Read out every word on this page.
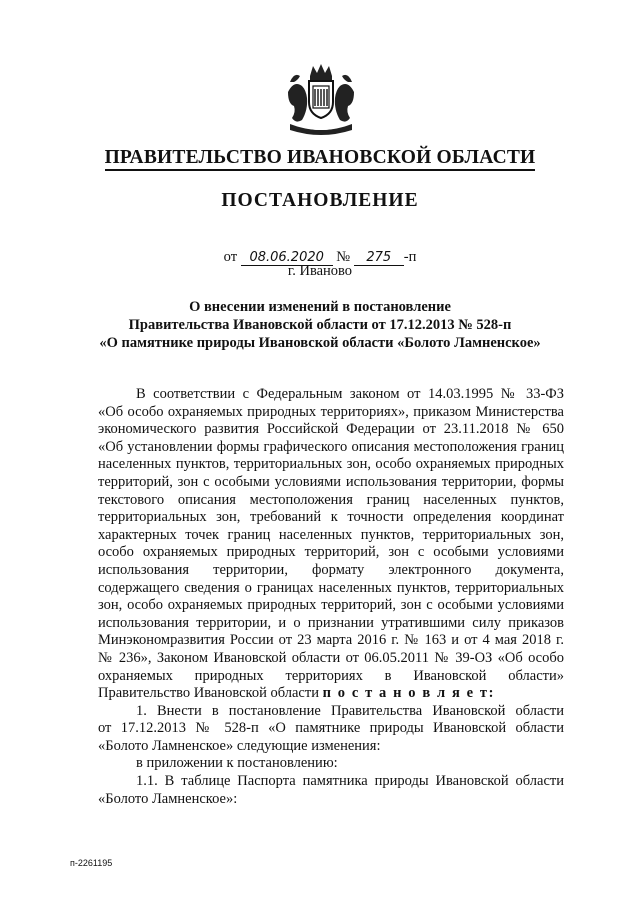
ПРАВИТЕЛЬСТВО ИВАНОВСКОЙ ОБЛАСТИ
ПОСТАНОВЛЕНИЕ
от 08.06.2020 № 275 -п
г. Иваново
О внесении изменений в постановление
Правительства Ивановской области от 17.12.2013 № 528-п
«О памятнике природы Ивановской области «Болото Ламненское»
В соответствии с Федеральным законом от 14.03.1995 № 33-ФЗ
«Об особо охраняемых природных территориях», приказом Министерства
экономического развития Российской Федерации от 23.11.2018 № 650
«Об установлении формы графического описания местоположения границ
населенных пунктов, территориальных зон, особо охраняемых природных
территорий, зон с особыми условиями использования территории, формы
текстового описания местоположения границ населенных пунктов,
территориальных зон, требований к точности определения координат
характерных точек границ населенных пунктов, территориальных зон,
особо охраняемых природных территорий, зон с особыми условиями
использования территории, формату электронного документа,
содержащего сведения о границах населенных пунктов, территориальных
зон, особо охраняемых природных территорий, зон с особыми условиями
использования территории, и о признании утратившими силу приказов
Минэкономразвития России от 23 марта 2016 г. № 163 и от 4 мая 2018 г.
№ 236», Законом Ивановской области от 06.05.2011 № 39-ОЗ «Об особо
охраняемых природных территориях в Ивановской области»
Правительство Ивановской области п о с т а н о в л я е т:
1. Внести в постановление Правительства Ивановской области
от 17.12.2013 № 528-п «О памятнике природы Ивановской области
«Болото Ламненское» следующие изменения:
в приложении к постановлению:
1.1. В таблице Паспорта памятника природы Ивановской области
«Болото Ламненское»:
п-2261195
